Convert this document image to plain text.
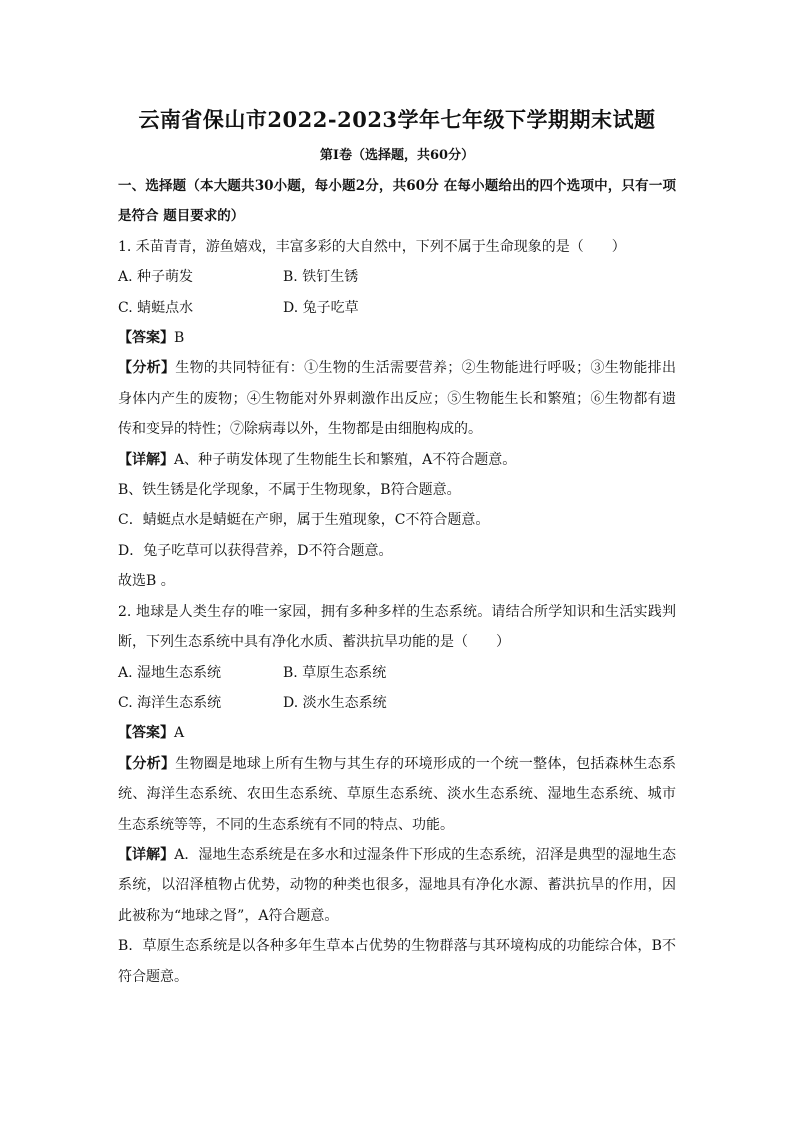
云南省保山市2022-2023学年七年级下学期期末试题
第I卷（选择题，共60分）

一、选择题（本大题共30小题，每小题2分，共60分 在每小题给出的四个选项中，只有一项是符合 题目要求的）

1. 禾苗青青，游鱼嬉戏，丰富多彩的大自然中，下列不属于生命现象的是（　　）

A. 种子萌发	B. 铁钉生锈
C. 蜻蜓点水	D. 兔子吃草

【答案】B

【分析】生物的共同特征有：①生物的生活需要营养；②生物能进行呼吸；③生物能排出身体内产生的废物；④生物能对外界刺激作出反应；⑤生物能生长和繁殖；⑥生物都有遗传和变异的特性；⑦除病毒以外，生物都是由细胞构成的。

【详解】A、种子萌发体现了生物能生长和繁殖，A不符合题意。

B、铁生锈是化学现象，不属于生物现象，B符合题意。

C．蜻蜓点水是蜻蜓在产卵，属于生殖现象，C不符合题意。

D．兔子吃草可以获得营养，D不符合题意。

故选B 。

2. 地球是人类生存的唯一家园，拥有多种多样的生态系统。请结合所学知识和生活实践判断，下列生态系统中具有净化水质、蓄洪抗旱功能的是（　　）

A. 湿地生态系统	B. 草原生态系统
C. 海洋生态系统	D. 淡水生态系统

【答案】A

【分析】生物圈是地球上所有生物与其生存的环境形成的一个统一整体，包括森林生态系统、海洋生态系统、农田生态系统、草原生态系统、淡水生态系统、湿地生态系统、城市生态系统等等，不同的生态系统有不同的特点、功能。

【详解】A．湿地生态系统是在多水和过湿条件下形成的生态系统，沼泽是典型的湿地生态系统，以沼泽植物占优势，动物的种类也很多，湿地具有净化水源、蓄洪抗旱的作用，因此被称为“地球之肾”，A符合题意。

B．草原生态系统是以各种多年生草本占优势的生物群落与其环境构成的功能综合体，B不符合题意。
